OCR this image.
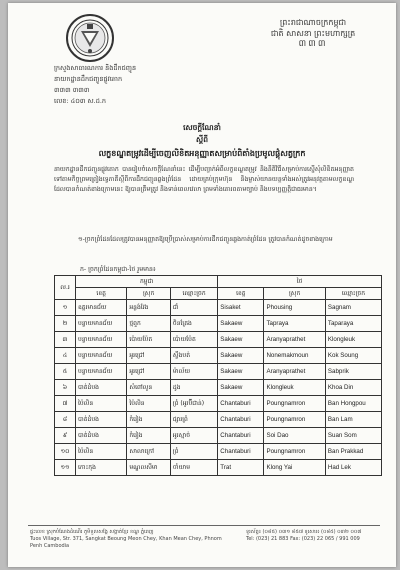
ព្រះរាជាណាចក្រកម្ពុជា
ជាតិ សាសនា ព្រះមហាក្សត្រ
៣៣៣
ក្រសួងសាធារណការ និងដឹកជញ្ជូន
នាយកដ្ឋានដឹកជញ្ជូនផ្លូវគោក
៣៣៣ ៣៣៣
លេខ: ៤០៣ ស.ដ.ក
សេចក្តីណែនាំ
ស្តីពី
លក្ខខណ្ឌតម្រូវដើម្បីចេញលិខិតអនុញ្ញាតសម្រាប់ពិតាំងប្រមូលផ្តុំសត្វក្រក
នាយកដ្ឋានដឹកជញ្ជូនផ្លូវគោក បានរៀបចំសេចក្តីណែនាំនេះ ដើម្បីបញ្ជាក់អំពីលក្ខខណ្ឌតម្រូវ និងនីតិវិធីសម្រាប់ការស្នើសុំលិខិតអនុញ្ញាត ទៅតាមកិច្ចព្រមព្រៀងទ្វេភាគីស្តីពីការដឹកជញ្ជូនឆ្លងព្រំដែន ដោយគ្រប់ក្រុមហ៊ុន និងម្ចាស់យានយន្តទាំងអស់ត្រូវអនុវត្តតាមលក្ខខណ្ឌ ដែលបានកំណត់ខាងក្រោមនេះ ឱ្យបានត្រឹមត្រូវ និងទាន់ពេលវេលា ព្រមទាំងគោរពតាមច្បាប់ និងបទប្បញ្ញត្តិជាធរមាន។
១-ច្រកព្រំដែនដែលត្រូវបានអនុញ្ញាតឱ្យប្រើប្រាស់សម្រាប់ការដឹកជញ្ជូនឆ្លងកាត់ព្រំដែន ត្រូវបានកំណត់ដូចខាងក្រោម
ក- ច្រកព្រំដែនកម្ពុជា-ថៃ រួមមាន៖
ល.រ	កម្ពុជា			ថៃ		
	ខេត្ត	ស្រុក	ឈ្មោះច្រក	ខេត្ត	ស្រុក	ឈ្មោះច្រក
១	ឧត្តរមានជ័យ	អន្លង់វែង	ជាំ	Sisaket	Phousing	Sagnam
២	បន្ទាយមានជ័យ	ថ្មពួក	ចិនគ្រែង	Sakaew	Tapraya	Taparaya
៣	បន្ទាយមានជ័យ	ប៉ោយប៉ែត	ប៉ោយប៉ែត	Sakaew	Aranyaprathet	Klongleuk
៤	បន្ទាយមានជ័យ	អូរជ្រៅ	ស្ទឹងបត់	Sakaew	Nonemakmoun	Kok Soung
៥	បន្ទាយមានជ័យ	អូរជ្រៅ	ម៉ាល័យ	Sakaew	Aranyaprathet	Sabprik
៦	បាត់ដំបង	សំពៅលូន	ដូង	Sakaew	Klongleuk	Khoa Din
៧	ប៉ៃលិន	ប៉ៃលិន	ព្រំ (អូរប៊ីជាន់)	Chantaburi	Poungnamron	Ban Hongpou
៨	បាត់ដំបង	កំរៀង	ផ្សារព្រំ	Chantaburi	Poungnamron	Ban Lam
៩	បាត់ដំបង	កំរៀង	អូរស្មាច់	Chantaburi	Soi Dao	Suan Som
១០	ប៉ៃលិន	សាលាក្រៅ	ព្រំ	Chantaburi	Poungnamron	Ban Prakkad
១១	កោះកុង	មណ្ឌលសីមា	ចាំយាម	Trat	Klong Yai	Had Lek
ផ្ទះលេខ ស្រុកបំណែងដំណើរ ភូមិទួលសង្កែ សង្កាត់ខ្មែរ ខណ្ឌ ភ្នំពេញ
Tuos Village, Str. 371, Sangkat Beoung Meon Chey, Khan Mean Chey, Phnom Penh Cambodia
ទូរស័ព្ទ៖ (០៨៥) ០៣១ ៨៥៧ ទូរសារ៖ (០៨៥) ០៣២ ០០៧
Tel: (023) 21 883 Fax: (023) 22 065 / 991 009
